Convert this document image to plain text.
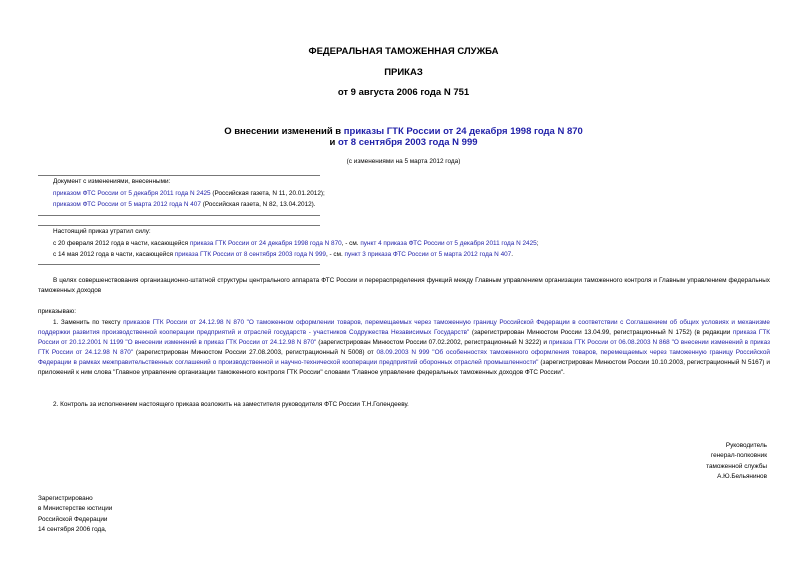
ФЕДЕРАЛЬНАЯ ТАМОЖЕННАЯ СЛУЖБА
ПРИКАЗ
от 9 августа 2006 года N 751
О внесении изменений в приказы ГТК России от 24 декабря 1998 года N 870
и от 8 сентября 2003 года N 999
(с изменениями на 5 марта 2012 года)
Документ с изменениями, внесенными:
приказом ФТС России от 5 декабря 2011 года N 2425 (Российская газета, N 11, 20.01.2012);
приказом ФТС России от 5 марта 2012 года N 407 (Российская газета, N 82, 13.04.2012).
Настоящий приказ утратил силу:
с 20 февраля 2012 года в части, касающейся приказа ГТК России от 24 декабря 1998 года N 870, - см. пункт 4 приказа ФТС России от 5 декабря 2011 года N 2425;
с 14 мая 2012 года в части, касающейся приказа ГТК России от 8 сентября 2003 года N 999, - см. пункт 3 приказа ФТС России от 5 марта 2012 года N 407.
В целях совершенствования организационно-штатной структуры центрального аппарата ФТС России и перераспределения функций между Главным управлением организации таможенного контроля и Главным управлением федеральных таможенных доходов
приказываю:
1. Заменить по тексту приказов ГТК России от 24.12.98 N 870 "О таможенном оформлении товаров, перемещаемых через таможенную границу Российской Федерации в соответствии с Соглашением об общих условиях и механизме поддержки развития производственной кооперации предприятий и отраслей государств - участников Содружества Независимых Государств" (зарегистрирован Минюстом России 13.04.99, регистрационный N 1752) (в редакции приказа ГТК России от 20.12.2001 N 1199 "О внесении изменений в приказ ГТК России от 24.12.98 N 870" (зарегистрирован Минюстом России 07.02.2002, регистрационный N 3222) и приказа ГТК России от 06.08.2003 N 868 "О внесении изменений в приказ ГТК России от 24.12.98 N 870" (зарегистрирован Минюстом России 27.08.2003, регистрационный N 5008) от 08.09.2003 N 999 "Об особенностях таможенного оформления товаров, перемещаемых через таможенную границу Российской Федерации в рамках межправительственных соглашений о производственной и научно-технической кооперации предприятий оборонных отраслей промышленности" (зарегистрирован Минюстом России 10.10.2003, регистрационный N 5167) и приложений к ним слова "Главное управление организации таможенного контроля ГТК России" словами "Главное управление федеральных таможенных доходов ФТС России".
2. Контроль за исполнением настоящего приказа возложить на заместителя руководителя ФТС России Т.Н.Голендееву.
Руководитель
генерал-полковник
таможенной службы
А.Ю.Бельянинов
Зарегистрировано
в Министерстве юстиции
Российской Федерации
14 сентября 2006 года,
